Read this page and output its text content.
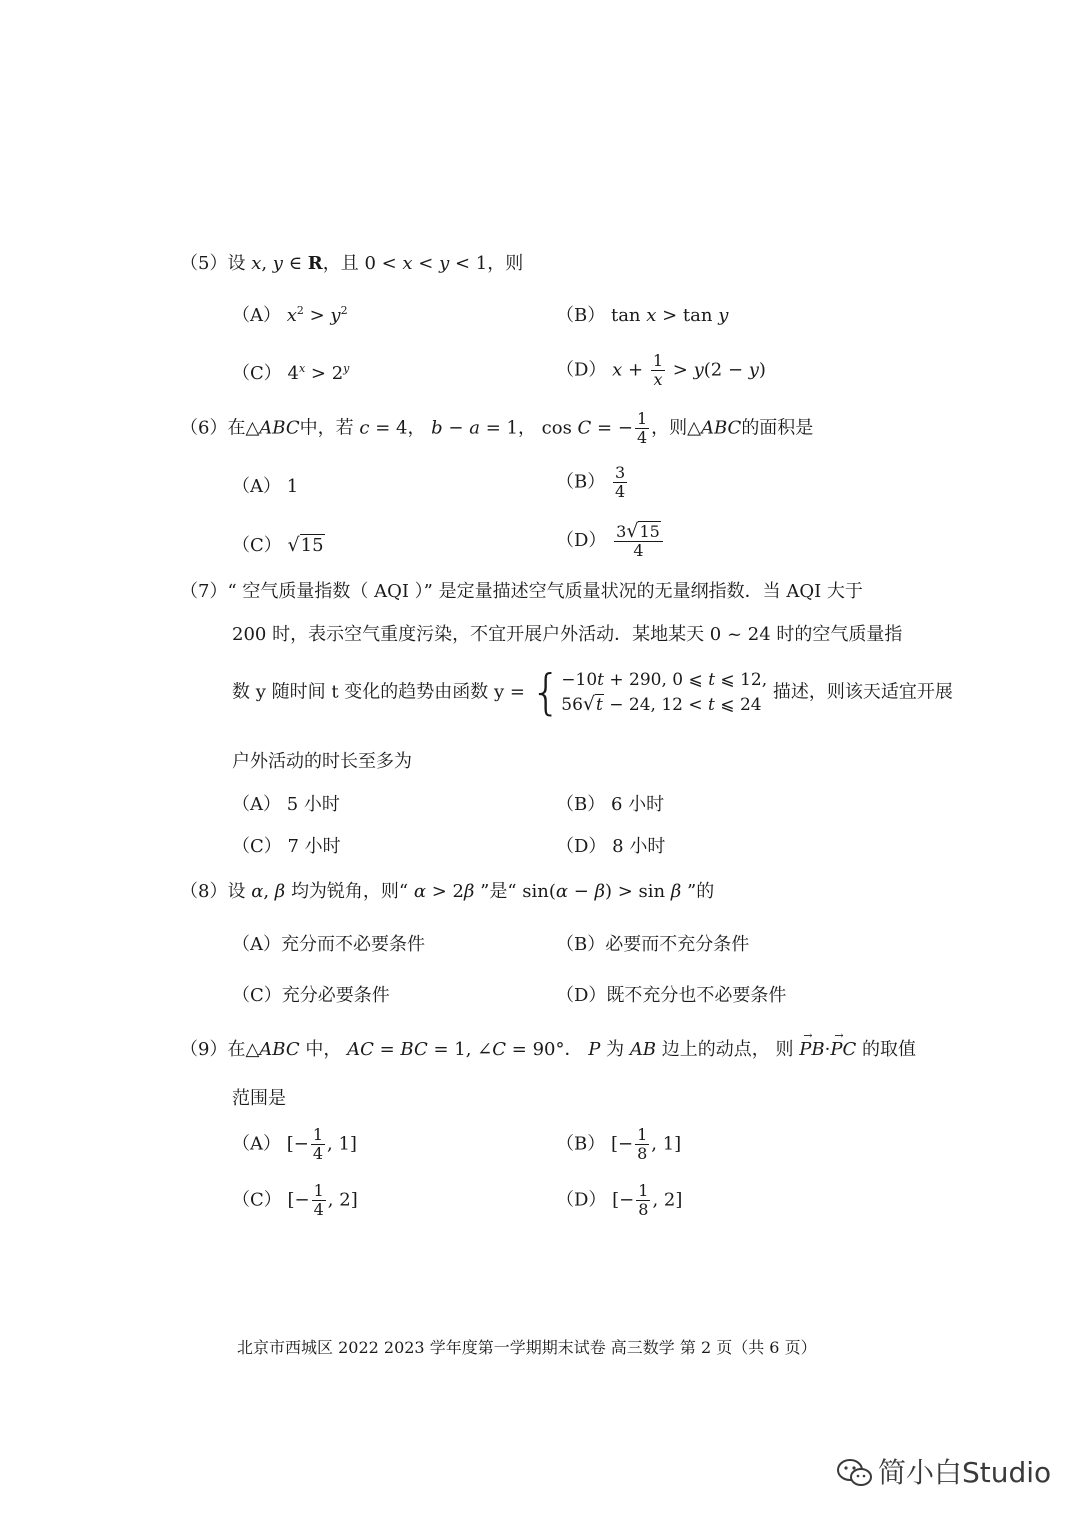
（5）设 x, y ∈ R，且 0 < x < y < 1，则
（A） $x^2 > y^2$	（B） tan x > tan y
（C） $4^x > 2^y$	（D） $x + \frac{1}{x} > y(2 - y)$
（6）在△ABC中，若 c = 4， b − a = 1， cos C = − $\frac{1}{4}$ ，则△ABC的面积是
（A） 1	$(B) \frac{3}{4}$
（C） √15	$(D) \frac{3√15}{4}$
（7）“ 空气质量指数（ AQI ）” 是定量描述空气质量状况的无量纲指数．当 AQI 大于
200 时，表示空气重度污染，不宜开展户外活动．某地某天 0 ~ 24 时的空气质量指
数 y 随时间 t 变化的趋势由函数 y = { −10t + 290, 0 ⩽ t ⩽ 12,
56√t − 24, 12 < t ⩽ 24
描述，则该天适宜开展
户外活动的时长至多为
（A） 5 小时	（B） 6 小时
（C） 7 小时	（D） 8 小时
（8）设 α, β 均为锐角，则“ α > 2β ”是“ sin(α − β) > sin β ”的
（A）充分而不必要条件	（B）必要而不充分条件
（C）充分必要条件	（D）既不充分也不必要条件
（9）在△ABC 中， AC = BC = 1, ∠C = 90°． P 为 AB 边上的动点， 则 → PB·→ PC 的取值
范围是
（A） [− $\frac{1}{4}$ , 1]	（B） [− $\frac{1}{8}$ , 1]
（C） [− $\frac{1}{4}$ , 2]	（D） [− $\frac{1}{8}$ , 2]
北京市西城区 2022 2023 学年度第一学期期末试卷 高三数学 第 2 页（共 6 页）
简小白Studio
